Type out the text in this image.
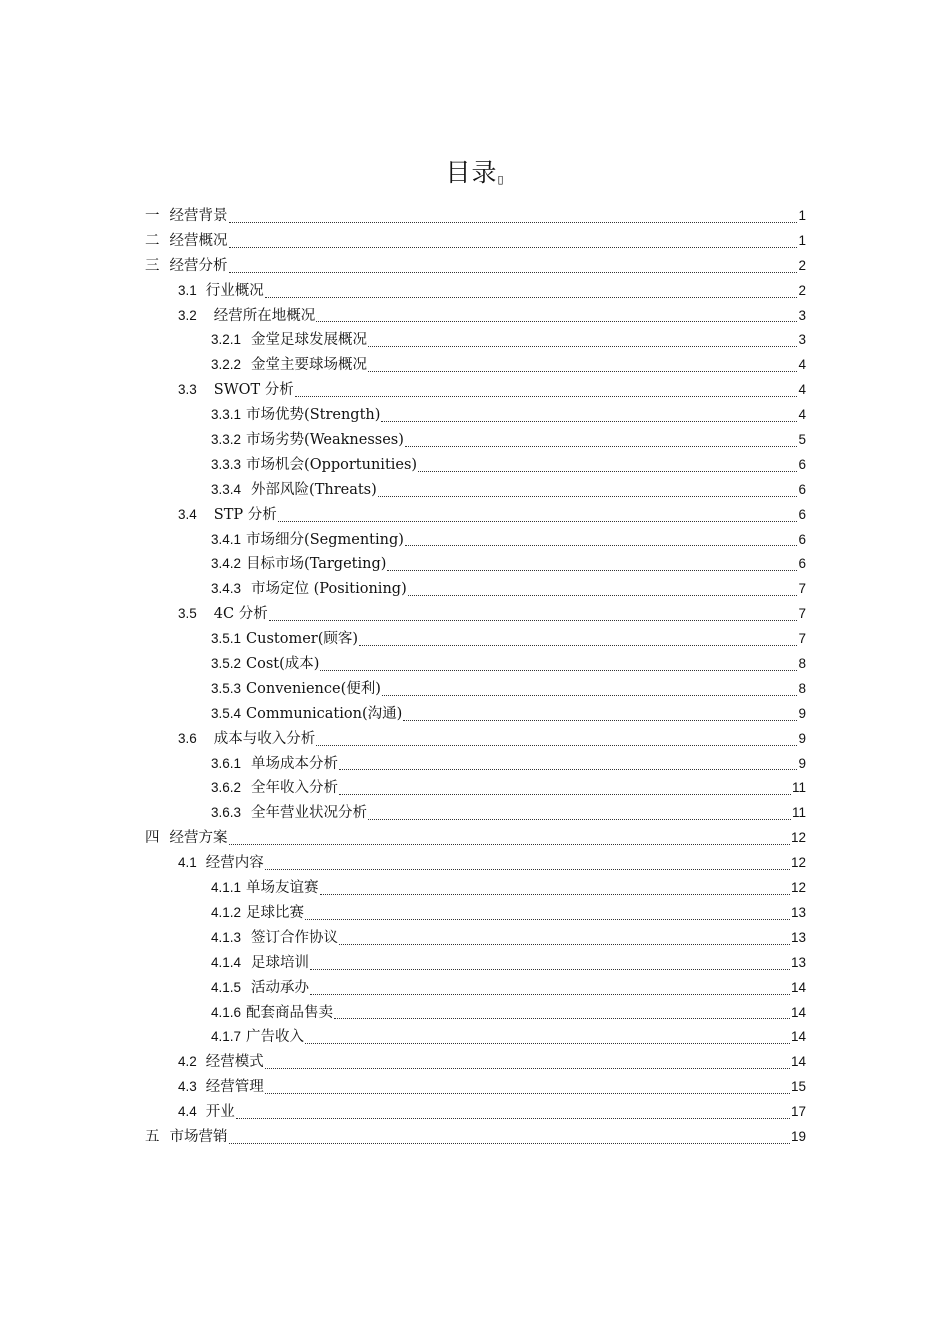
目录▯
一 经营背景	1
二 经营概况	1
三 经营分析	2
3.1 行业概况	2
3.2 经营所在地概况	3
3.2.1 金堂足球发展概况	3
3.2.2 金堂主要球场概况	4
3.3 SWOT 分析	4
3.3.1 市场优势(Strength)	4
3.3.2 市场劣势(Weaknesses)	5
3.3.3 市场机会(Opportunities)	6
3.3.4 外部风险(Threats)	6
3.4 STP 分析	6
3.4.1 市场细分(Segmenting)	6
3.4.2 目标市场(Targeting)	6
3.4.3 市场定位 (Positioning)	7
3.5 4C 分析	7
3.5.1 Customer(顾客)	7
3.5.2 Cost(成本)	8
3.5.3 Convenience(便利)	8
3.5.4 Communication(沟通)	9
3.6 成本与收入分析	9
3.6.1 单场成本分析	9
3.6.2 全年收入分析	11
3.6.3 全年营业状况分析	11
四 经营方案	12
4.1 经营内容	12
4.1.1 单场友谊赛	12
4.1.2 足球比赛	13
4.1.3 签订合作协议	13
4.1.4 足球培训	13
4.1.5 活动承办	14
4.1.6 配套商品售卖	14
4.1.7 广告收入	14
4.2 经营模式	14
4.3 经营管理	15
4.4 开业	17
五 市场营销	19
